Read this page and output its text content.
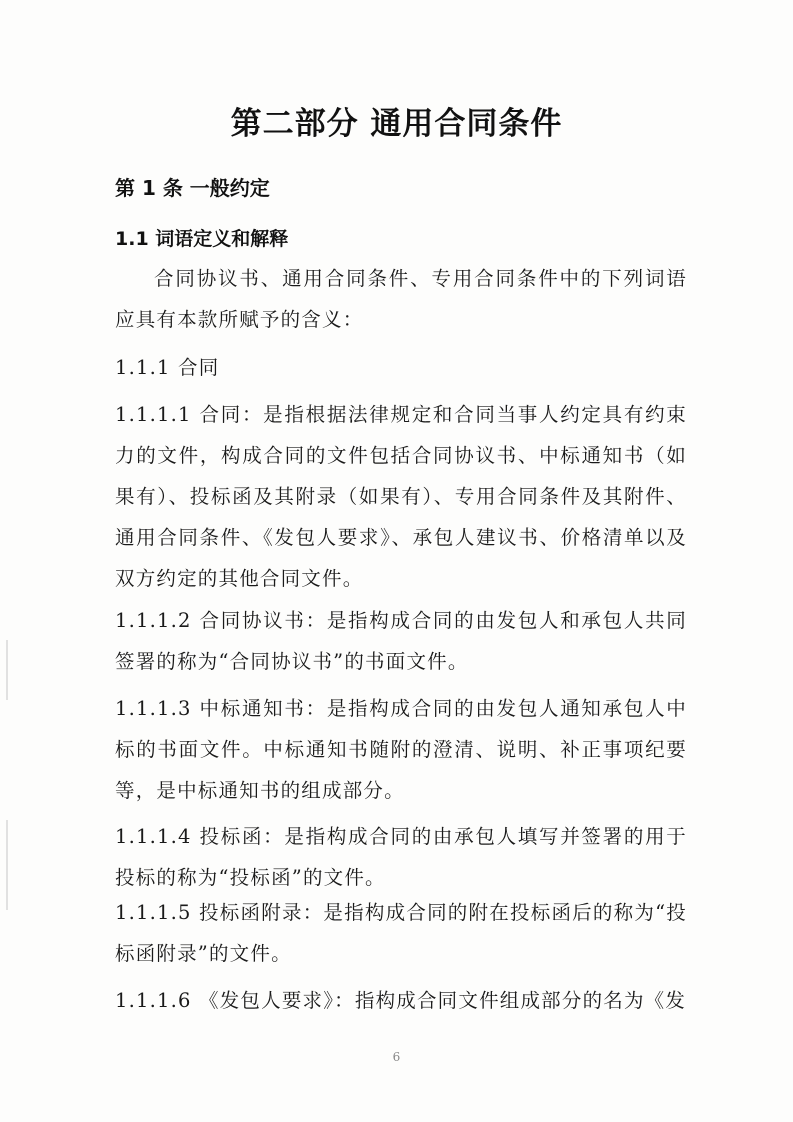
第二部分 通用合同条件
第 1 条 一般约定
1.1 词语定义和解释
合同协议书、通用合同条件、专用合同条件中的下列词语应具有本款所赋予的含义：
1.1.1 合同
1.1.1.1 合同：是指根据法律规定和合同当事人约定具有约束力的文件，构成合同的文件包括合同协议书、中标通知书（如果有）、投标函及其附录（如果有）、专用合同条件及其附件、通用合同条件、《发包人要求》、承包人建议书、价格清单以及双方约定的其他合同文件。
1.1.1.2 合同协议书：是指构成合同的由发包人和承包人共同签署的称为“合同协议书”的书面文件。
1.1.1.3 中标通知书：是指构成合同的由发包人通知承包人中标的书面文件。中标通知书随附的澄清、说明、补正事项纪要等，是中标通知书的组成部分。
1.1.1.4 投标函：是指构成合同的由承包人填写并签署的用于投标的称为“投标函”的文件。
1.1.1.5 投标函附录：是指构成合同的附在投标函后的称为“投标函附录”的文件。
1.1.1.6 《发包人要求》：指构成合同文件组成部分的名为《发
6
